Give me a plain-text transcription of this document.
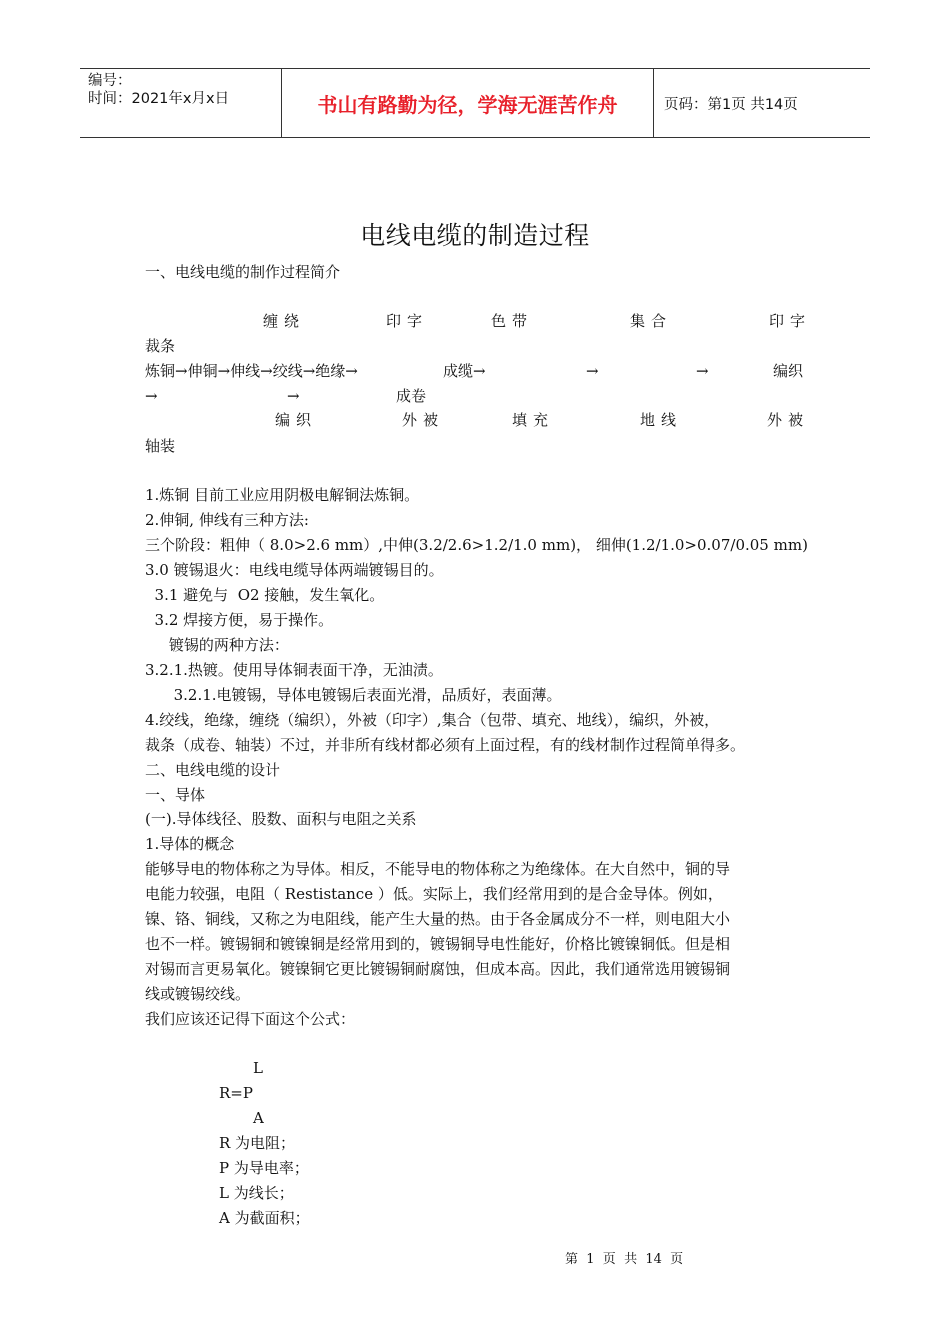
编号：
时间：2021年x月x日	书山有路勤为径，学海无涯苦作舟	页码：第1页 共14页
电线电缆的制造过程
一、电线电缆的制作过程简介
缠绕	印字	色带	集合	印字
裁条
炼铜→伸铜→伸线→绞线→绝缘→	成缆→	→	→	编织
→	→	成卷
编织	外被	填充	地线	外被
轴装
1.炼铜 目前工业应用阴极电解铜法炼铜。
2.伸铜, 伸线有三种方法:
三个阶段：粗伸（ 8.0>2.6 mm）,中伸(3.2/2.6>1.2/1.0 mm)， 细伸(1.2/1.0>0.07/0.05 mm)
3.0 镀锡退火：电线电缆导体两端镀锡目的。
3.1 避免与  O2 接触，发生氧化。
3.2 焊接方便，易于操作。
镀锡的两种方法：
3.2.1.热镀。使用导体铜表面干净，无油渍。
3.2.1.电镀锡，导体电镀锡后表面光滑，品质好，表面薄。
4.绞线，绝缘，缠绕（编织），外被（印字）,集合（包带、填充、地线），编织，外被，
裁条（成卷、轴装）不过，并非所有线材都必须有上面过程，有的线材制作过程简单得多。
二、电线电缆的设计
一、导体
(一).导体线径、股数、面积与电阻之关系
1.导体的概念
能够导电的物体称之为导体。相反，不能导电的物体称之为绝缘体。在大自然中，铜的导
电能力较强，电阻（ Restistance ）低。实际上，我们经常用到的是合金导体。例如，
镍、铬、铜线，又称之为电阻线，能产生大量的热。由于各金属成分不一样，则电阻大小
也不一样。镀锡铜和镀镍铜是经常用到的，镀锡铜导电性能好，价格比镀镍铜低。但是相
对锡而言更易氧化。镀镍铜它更比镀锡铜耐腐蚀，但成本高。因此，我们通常选用镀锡铜
线或镀锡绞线。
我们应该还记得下面这个公式：
L
R=P
A
R 为电阻；
P 为导电率；
L 为线长；
A 为截面积；
第  1  页  共  14  页
